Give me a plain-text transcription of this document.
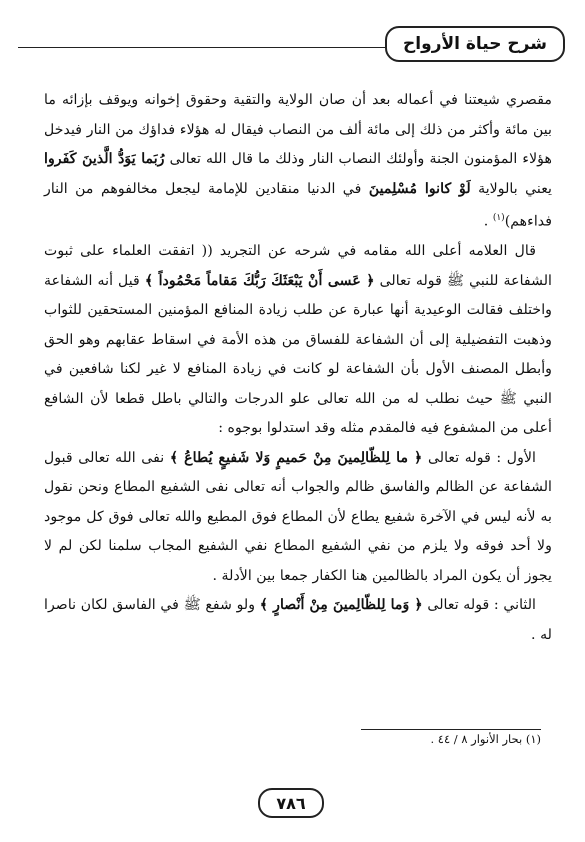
شرح حياة الأرواح

مقصري شيعتنا في أعماله بعد أن صان الولاية والتقية وحقوق إخوانه ويوقف بإزائه ما بين مائة وأكثر من ذلك إلى مائة ألف من النصاب فيقال له هؤلاء فداؤك من النار فيدخل هؤلاء المؤمنون الجنة وأولئك النصاب النار وذلك ما قال الله تعالى رُبَما يَوَدُّ الَّذينَ كَفَروا يعني بالولاية لَوْ كانوا مُسْلِمينَ في الدنيا منقادين للإمامة ليجعل مخالفوهم من النار فداءهم)$^{(١)}$ .

قال العلامه أعلى الله مقامه في شرحه عن التجريد (( اتفقت العلماء على ثبوت الشفاعة للنبي ﷺ قوله تعالى ﴿ عَسى أَنْ يَبْعَثَكَ رَبُّكَ مَقاماً مَحْمُوداً ﴾ قيل أنه الشفاعة واختلف فقالت الوعيدية أنها عبارة عن طلب زيادة المنافع المؤمنين المستحقين للثواب وذهبت التفضيلية إلى أن الشفاعة للفساق من هذه الأمة في اسقاط عقابهم وهو الحق وأبطل المصنف الأول بأن الشفاعة لو كانت في زيادة المنافع لا غير لكنا شافعين في النبي ﷺ حيث نطلب له من الله تعالى علو الدرجات والتالي باطل قطعا لأن الشافع أعلى من المشفوع فيه فالمقدم مثله وقد استدلوا بوجوه :

الأول : قوله تعالى ﴿ ما لِلظّالِمينَ مِنْ حَميمٍ وَلا شَفيعٍ يُطاعُ ﴾ نفى الله تعالى قبول الشفاعة عن الظالم والفاسق ظالم والجواب أنه تعالى نفى الشفيع المطاع ونحن نقول به لأنه ليس في الآخرة شفيع يطاع لأن المطاع فوق المطيع والله تعالى فوق كل موجود ولا أحد فوقه ولا يلزم من نفي الشفيع المطاع نفي الشفيع المجاب سلمنا لكن لم لا يجوز أن يكون المراد بالظالمين هنا الكفار جمعا بين الأدلة .

الثاني : قوله تعالى ﴿ وَما لِلظّالِمينَ مِنْ أَنْصارٍ ﴾ ولو شفع ﷺ في الفاسق لكان ناصرا له .

(١) بحار الأنوار ٨ / ٤٤ .
٧٨٦
